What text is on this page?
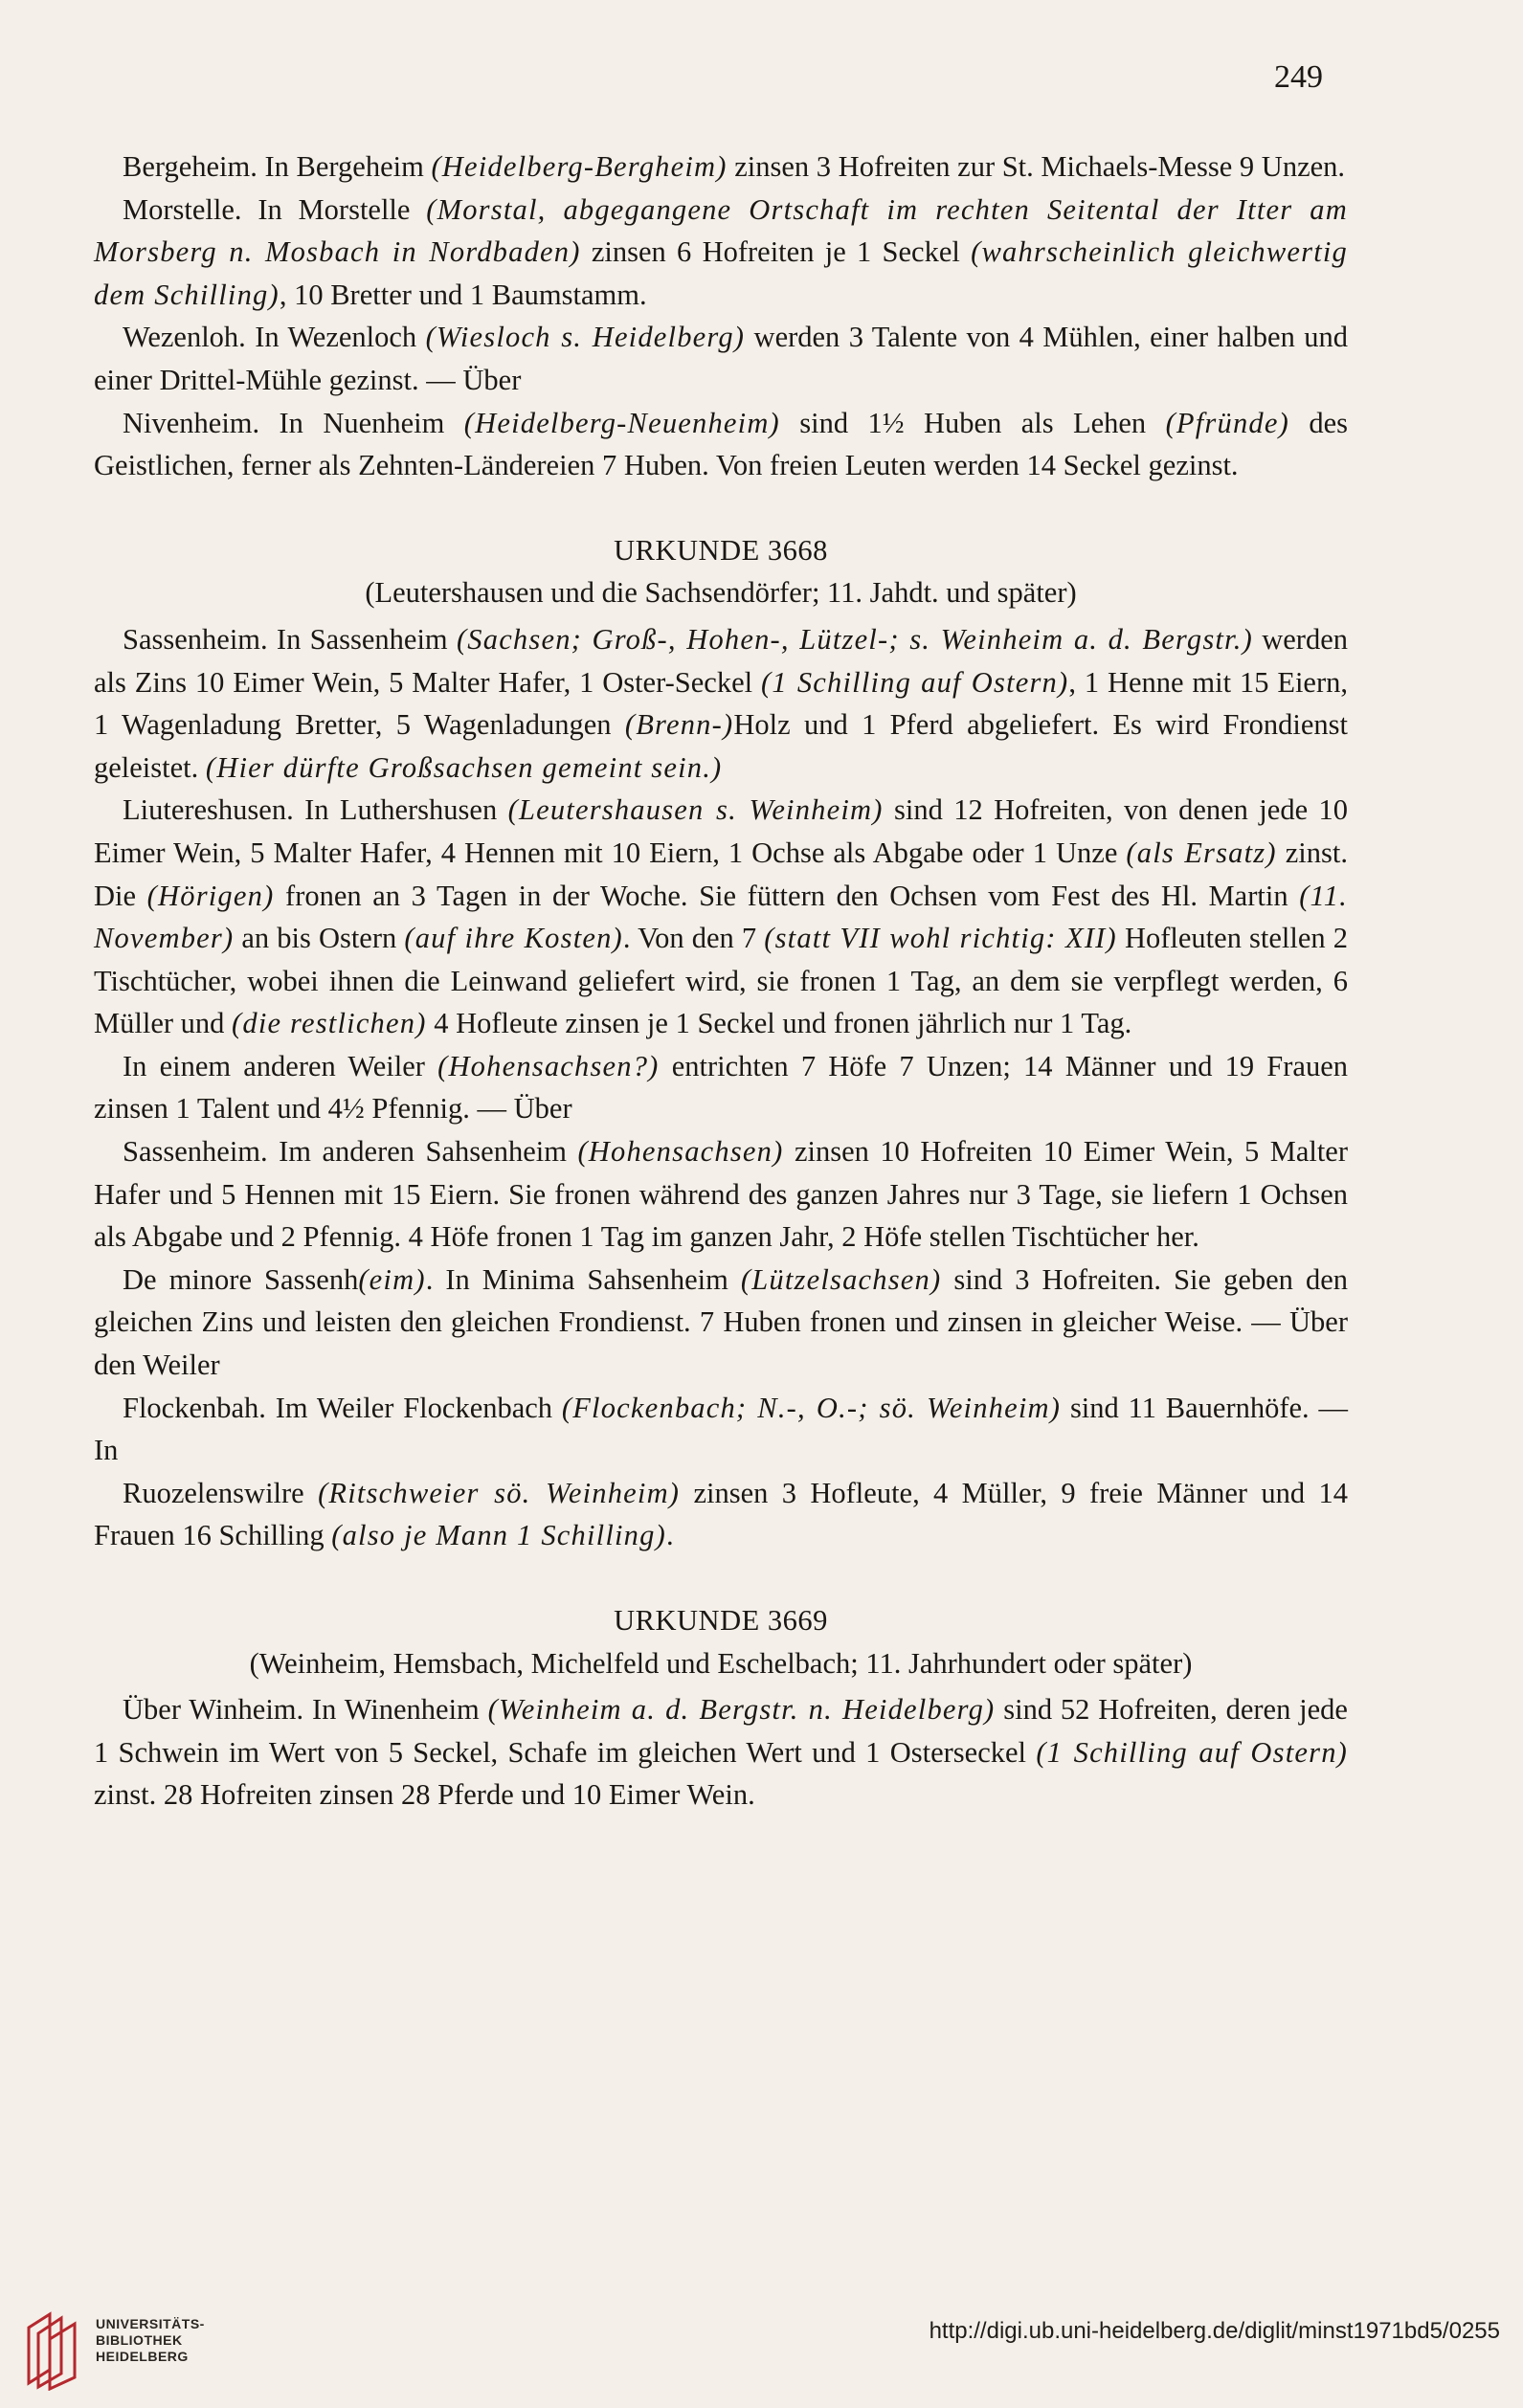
249

Bergeheim. In Bergeheim (Heidelberg-Bergheim) zinsen 3 Hofreiten zur St. Michaels-Messe 9 Unzen.

Morstelle. In Morstelle (Morstal, abgegangene Ortschaft im rechten Seitental der Itter am Morsberg n. Mosbach in Nordbaden) zinsen 6 Hofreiten je 1 Seckel (wahrscheinlich gleichwertig dem Schilling), 10 Bretter und 1 Baumstamm.

Wezenloh. In Wezenloch (Wiesloch s. Heidelberg) werden 3 Talente von 4 Mühlen, einer halben und einer Drittel-Mühle gezinst. — Über

Nivenheim. In Nuenheim (Heidelberg-Neuenheim) sind 1½ Huben als Lehen (Pfründe) des Geistlichen, ferner als Zehnten-Ländereien 7 Huben. Von freien Leuten werden 14 Seckel gezinst.

URKUNDE 3668

(Leutershausen und die Sachsendörfer; 11. Jahdt. und später)

Sassenheim. In Sassenheim (Sachsen; Groß-, Hohen-, Lützel-; s. Weinheim a. d. Bergstr.) werden als Zins 10 Eimer Wein, 5 Malter Hafer, 1 Oster-Seckel (1 Schilling auf Ostern), 1 Henne mit 15 Eiern, 1 Wagenladung Bretter, 5 Wagenladungen (Brenn-)Holz und 1 Pferd abgeliefert. Es wird Frondienst geleistet. (Hier dürfte Großsachsen gemeint sein.)

Liutereshusen. In Luthershusen (Leutershausen s. Weinheim) sind 12 Hofreiten, von denen jede 10 Eimer Wein, 5 Malter Hafer, 4 Hennen mit 10 Eiern, 1 Ochse als Abgabe oder 1 Unze (als Ersatz) zinst. Die (Hörigen) fronen an 3 Tagen in der Woche. Sie füttern den Ochsen vom Fest des Hl. Martin (11. November) an bis Ostern (auf ihre Kosten). Von den 7 (statt VII wohl richtig: XII) Hofleuten stellen 2 Tischtücher, wobei ihnen die Leinwand geliefert wird, sie fronen 1 Tag, an dem sie verpflegt werden, 6 Müller und (die restlichen) 4 Hofleute zinsen je 1 Seckel und fronen jährlich nur 1 Tag.

In einem anderen Weiler (Hohensachsen?) entrichten 7 Höfe 7 Unzen; 14 Männer und 19 Frauen zinsen 1 Talent und 4½ Pfennig. — Über

Sassenheim. Im anderen Sahsenheim (Hohensachsen) zinsen 10 Hofreiten 10 Eimer Wein, 5 Malter Hafer und 5 Hennen mit 15 Eiern. Sie fronen während des ganzen Jahres nur 3 Tage, sie liefern 1 Ochsen als Abgabe und 2 Pfennig. 4 Höfe fronen 1 Tag im ganzen Jahr, 2 Höfe stellen Tischtücher her.

De minore Sassenh(eim). In Minima Sahsenheim (Lützelsachsen) sind 3 Hofreiten. Sie geben den gleichen Zins und leisten den gleichen Frondienst. 7 Huben fronen und zinsen in gleicher Weise. — Über den Weiler

Flockenbah. Im Weiler Flockenbach (Flockenbach; N.-, O.-; sö. Weinheim) sind 11 Bauernhöfe. — In

Ruozelenswilre (Ritschweier sö. Weinheim) zinsen 3 Hofleute, 4 Müller, 9 freie Männer und 14 Frauen 16 Schilling (also je Mann 1 Schilling).

URKUNDE 3669

(Weinheim, Hemsbach, Michelfeld und Eschelbach; 11. Jahrhundert oder später)

Über Winheim. In Winenheim (Weinheim a. d. Bergstr. n. Heidelberg) sind 52 Hofreiten, deren jede 1 Schwein im Wert von 5 Seckel, Schafe im gleichen Wert und 1 Osterseckel (1 Schilling auf Ostern) zinst. 28 Hofreiten zinsen 28 Pferde und 10 Eimer Wein.

UNIVERSITÄTS-
BIBLIOTHEK
HEIDELBERG
http://digi.ub.uni-heidelberg.de/diglit/minst1971bd5/0255
